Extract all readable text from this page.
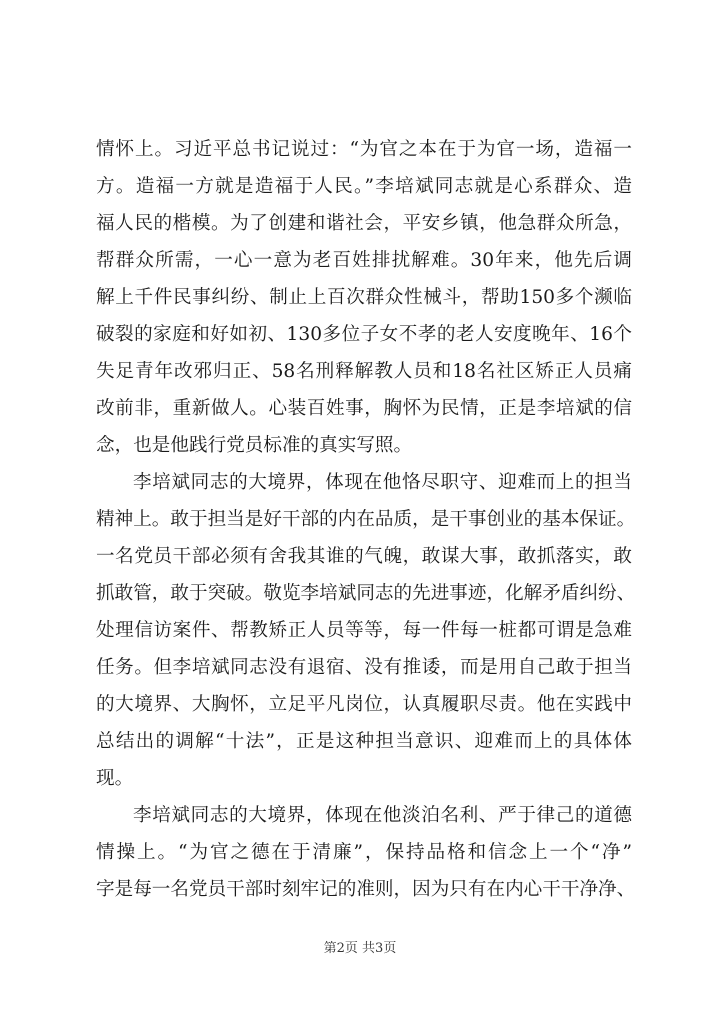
情怀上。习近平总书记说过：“为官之本在于为官一场，造福一
方。造福一方就是造福于人民。”李培斌同志就是心系群众、造
福人民的楷模。为了创建和谐社会，平安乡镇，他急群众所急，
帮群众所需，一心一意为老百姓排扰解难。30年来，他先后调
解上千件民事纠纷、制止上百次群众性械斗，帮助150多个濒临
破裂的家庭和好如初、130多位子女不孝的老人安度晚年、16个
失足青年改邪归正、58名刑释解教人员和18名社区矫正人员痛
改前非，重新做人。心装百姓事，胸怀为民情，正是李培斌的信
念，也是他践行党员标准的真实写照。
李培斌同志的大境界，体现在他恪尽职守、迎难而上的担当
精神上。敢于担当是好干部的内在品质，是干事创业的基本保证。
一名党员干部必须有舍我其谁的气魄，敢谋大事，敢抓落实，敢
抓敢管，敢于突破。敬览李培斌同志的先进事迹，化解矛盾纠纷、
处理信访案件、帮教矫正人员等等，每一件每一桩都可谓是急难
任务。但李培斌同志没有退宿、没有推诿，而是用自己敢于担当
的大境界、大胸怀，立足平凡岗位，认真履职尽责。他在实践中
总结出的调解“十法”，正是这种担当意识、迎难而上的具体体
现。
李培斌同志的大境界，体现在他淡泊名利、严于律己的道德
情操上。“为官之德在于清廉”，保持品格和信念上一个“净”
字是每一名党员干部时刻牢记的准则，因为只有在内心干干净净、
第2页 共3页
